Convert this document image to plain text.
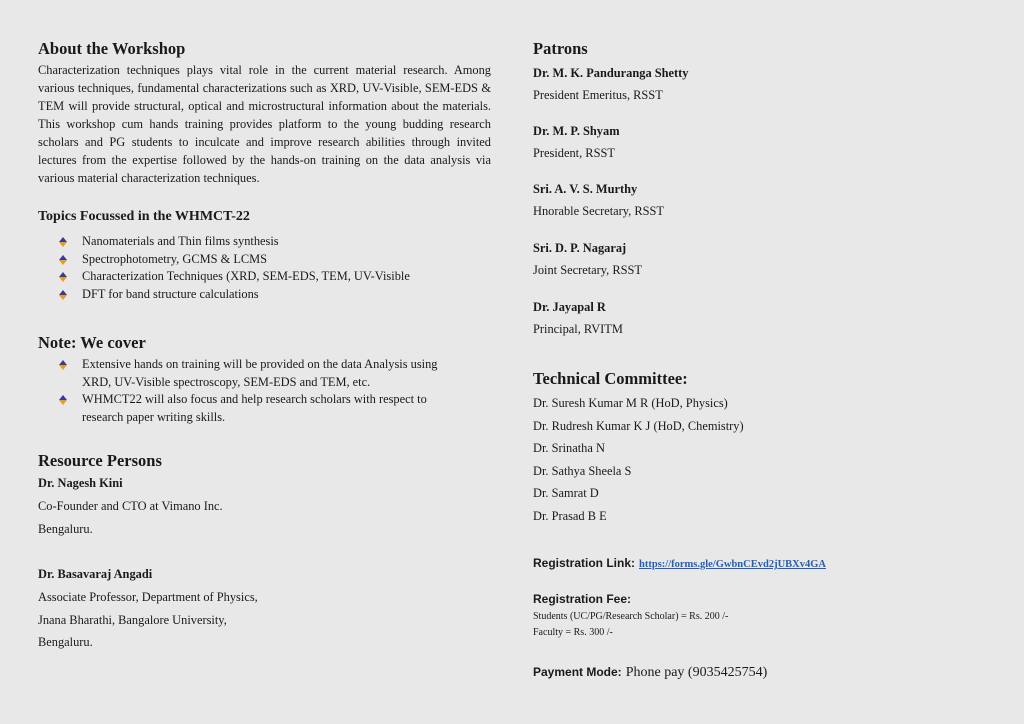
About the Workshop

Characterization techniques plays vital role in the current material research. Among various techniques, fundamental characterizations such as XRD, UV-Visible, SEM-EDS & TEM will provide structural, optical and microstructural information about the materials. This workshop cum hands training provides platform to the young budding research scholars and PG students to inculcate and improve research abilities through invited lectures from the expertise followed by the hands-on training on the data analysis via various material characterization techniques.

Topics Focussed in the WHMCT-22
Nanomaterials and Thin films synthesis
Spectrophotometry, GCMS & LCMS
Characterization Techniques (XRD, SEM-EDS, TEM, UV-Visible
DFT for band structure calculations
Note: We cover
Extensive hands on training will be provided on the data Analysis using XRD, UV-Visible spectroscopy, SEM-EDS and TEM, etc.
WHMCT22 will also focus and help research scholars with respect to research paper writing skills.
Resource Persons

Dr. Nagesh Kini

Co-Founder and CTO at Vimano Inc.

Bengaluru.

Dr. Basavaraj Angadi

Associate Professor, Department of Physics,

Jnana Bharathi, Bangalore University,

Bengaluru.

Patrons

Dr. M. K. Panduranga Shetty

President Emeritus, RSST

Dr. M. P. Shyam

President, RSST

Sri. A. V. S. Murthy

Hnorable Secretary, RSST

Sri. D. P. Nagaraj

Joint Secretary, RSST

Dr. Jayapal R

Principal, RVITM

Technical Committee:

Dr. Suresh Kumar M R (HoD, Physics)

Dr. Rudresh Kumar K J (HoD, Chemistry)

Dr. Srinatha N

Dr. Sathya Sheela S

Dr. Samrat D

Dr. Prasad B E

Registration Link: https://forms.gle/GwbnCEvd2jUBXv4GA

Registration Fee:

Students (UC/PG/Research Scholar) = Rs. 200 /-

Faculty = Rs. 300 /-

Payment Mode: Phone pay (9035425754)
